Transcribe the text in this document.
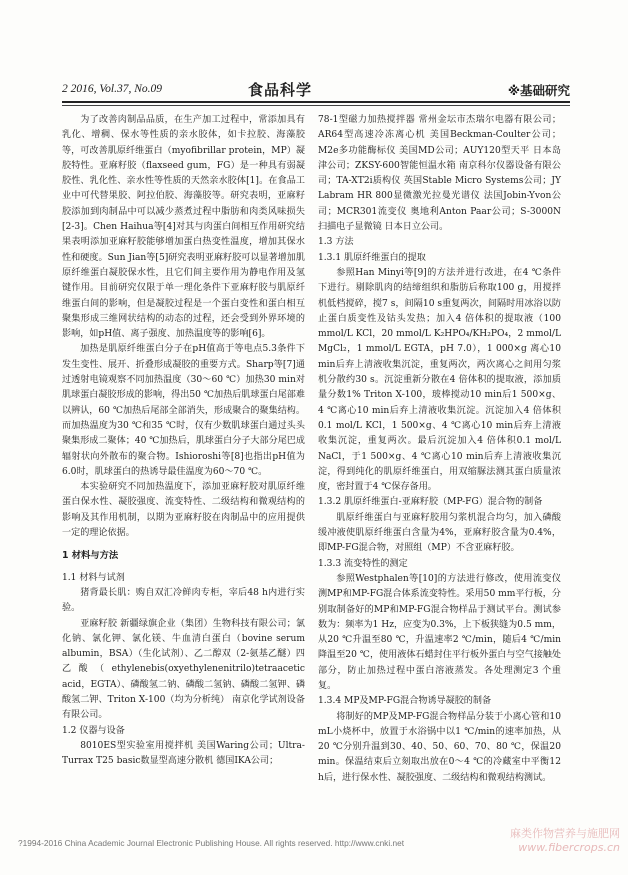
2 2016, Vol.37, No.09	食品科学	※基础研究

为了改善肉制品品质，在生产加工过程中，常添加具有乳化、增稠、保水等性质的亲水胶体，如卡拉胶、海藻胶等，可改善肌原纤维蛋白（myofibrillar protein，MP）凝胶特性。亚麻籽胶（flaxseed gum，FG）是一种具有弱凝胶性、乳化性、亲水性等性质的天然亲水胶体[1]。在食品工业中可代替果胶、阿拉伯胶、海藻胶等。研究表明，亚麻籽胶添加到肉制品中可以减少蒸煮过程中脂肪和肉类风味损失[2-3]。Chen Haihua等[4]对其与肉蛋白间相互作用研究结果表明添加亚麻籽胶能够增加蛋白热变性温度，增加其保水性和硬度。Sun Jian等[5]研究表明亚麻籽胶可以显著增加肌原纤维蛋白凝胶保水性，且它们间主要作用为静电作用及氢键作用。目前研究仅限于单一理化条件下亚麻籽胶与肌原纤维蛋白间的影响，但是凝胶过程是一个蛋白变性和蛋白相互聚集形成三维网状结构的动态的过程，还会受到外界环境的影响，如pH值、离子强度、加热温度等的影响[6]。

加热是肌原纤维蛋白分子在pH值高于等电点5.3条件下发生变性、展开、折叠形成凝胶的重要方式。Sharp等[7]通过透射电镜观察不同加热温度（30～60 ℃）加热30 min对肌球蛋白凝胶形成的影响，得出50 ℃加热后肌球蛋白尾部难以辨认，60 ℃加热后尾部全部消失，形成聚合的聚集结构。而加热温度为30 ℃和35 ℃时，仅有少数肌球蛋白通过头头聚集形成二聚体；40 ℃加热后，肌球蛋白分子大部分尾巴成辐射状向外散布的聚合物。Ishioroshi等[8]也指出pH值为6.0时，肌球蛋白的热诱导最佳温度为60～70 ℃。

本实验研究不同加热温度下，添加亚麻籽胶对肌原纤维蛋白保水性、凝胶强度、流变特性、二级结构和微观结构的影响及其作用机制，以期为亚麻籽胶在肉制品中的应用提供一定的理论依据。

1 材料与方法
1.1 材料与试剂

猪背最长肌：购自双汇冷鲜肉专柜，宰后48 h内进行实验。

亚麻籽胶 新疆绿旗企业（集团）生物科技有限公司；氯化钠、氯化钾、氯化镁、牛血清白蛋白（bovine serum albumin，BSA）（生化试剂）、乙二醇双（2-氨基乙醚）四乙酸（ethylenebis(oxyethylenenitrilo)tetraacetic acid，EGTA）、磷酸氢二钠、磷酸二氢钠、磷酸二氢钾、磷酸氢二钾、Triton X-100（均为分析纯） 南京化学试剂设备有限公司。

1.2 仪器与设备

8010ES型实验室用搅拌机 美国Waring公司；Ultra-Turrax T25 basic数显型高速分散机 德国IKA公司；

78-1型磁力加热搅拌器 常州金坛市杰瑞尔电器有限公司；AR64型高速冷冻离心机 美国Beckman-Coulter公司；M2e多功能酶标仪 美国MD公司；AUY120型天平 日本岛津公司；ZKSY-600智能恒温水箱 南京科尔仪器设备有限公司；TA-XT2i质构仪 英国Stable Micro Systems公司；JY Labram HR 800显微激光拉曼光谱仪 法国Jobin-Yvon公司；MCR301流变仪 奥地利Anton Paar公司；S-3000N扫描电子显微镜 日本日立公司。

1.3 方法
1.3.1 肌原纤维蛋白的提取

参照Han Minyi等[9]的方法并进行改进，在4 ℃条件下进行。剔除肌肉的结缔组织和脂肪后称取100 g，用搅拌机低档搅碎，搅7 s，间隔10 s重复两次，间隔时用冰浴以防止蛋白质变性及钴头发热；加入4 倍体积的提取液（100 mmol/L KCl，20 mmol/L K₂HPO₄/KH₂PO₄，2 mmol/L MgCl₂，1 mmol/L EGTA，pH 7.0），1 000×g 离心10 min后弃上清液收集沉淀，重复两次，两次离心之间用匀浆机分散约30 s。沉淀重新分散在4 倍体积的提取液，添加质量分数1% Triton X-100，玻棒搅动10 min后1 500×g、4 ℃离心10 min后弃上清液收集沉淀。沉淀加入4 倍体积0.1 mol/L KCl，1 500×g、4 ℃离心10 min后弃上清液收集沉淀，重复两次。最后沉淀加入4 倍体积0.1 mol/L NaCl，于1 500×g、4 ℃离心10 min后弃上清液收集沉淀，得到纯化的肌原纤维蛋白，用双缩脲法测其蛋白质量浓度，密封置于4 ℃保存备用。

1.3.2 肌原纤维蛋白-亚麻籽胶（MP-FG）混合物的制备

肌原纤维蛋白与亚麻籽胶用匀浆机混合均匀，加入磷酸缓冲液使肌原纤维蛋白含量为4%，亚麻籽胶含量为0.4%，即MP-FG混合物，对照组（MP）不含亚麻籽胶。

1.3.3 流变特性的测定

参照Westphalen等[10]的方法进行修改，使用流变仪测MP和MP-FG混合体系流变特性。采用50 mm平行板，分别取制备好的MP和MP-FG混合物样品于测试平台。测试参数为：频率为1 Hz，应变为0.3%，上下板狭缝为0.5 mm，从20 ℃升温至80 ℃，升温速率2 ℃/min，随后4 ℃/min降温至20 ℃，使用液体石蜡封住平行板外蛋白与空气接触处部分，防止加热过程中蛋白溶液蒸发。各处理测定3 个重复。

1.3.4 MP及MP-FG混合物诱导凝胶的制备

将制好的MP及MP-FG混合物样品分装于小离心管和10 mL小烧杯中，放置于水浴锅中以1 ℃/min的速率加热，从20 ℃分别升温到30、40、50、60、70、80 ℃，保温20 min。保温结束后立刻取出放在0～4 ℃的冷藏室中平衡12 h后，进行保水性、凝胶强度、二级结构和微观结构测试。

?1994-2016 China Academic Journal Electronic Publishing House. All rights reserved. http://www.cnki.net
麻类作物营养与施肥网
www.fibercrops.cn
